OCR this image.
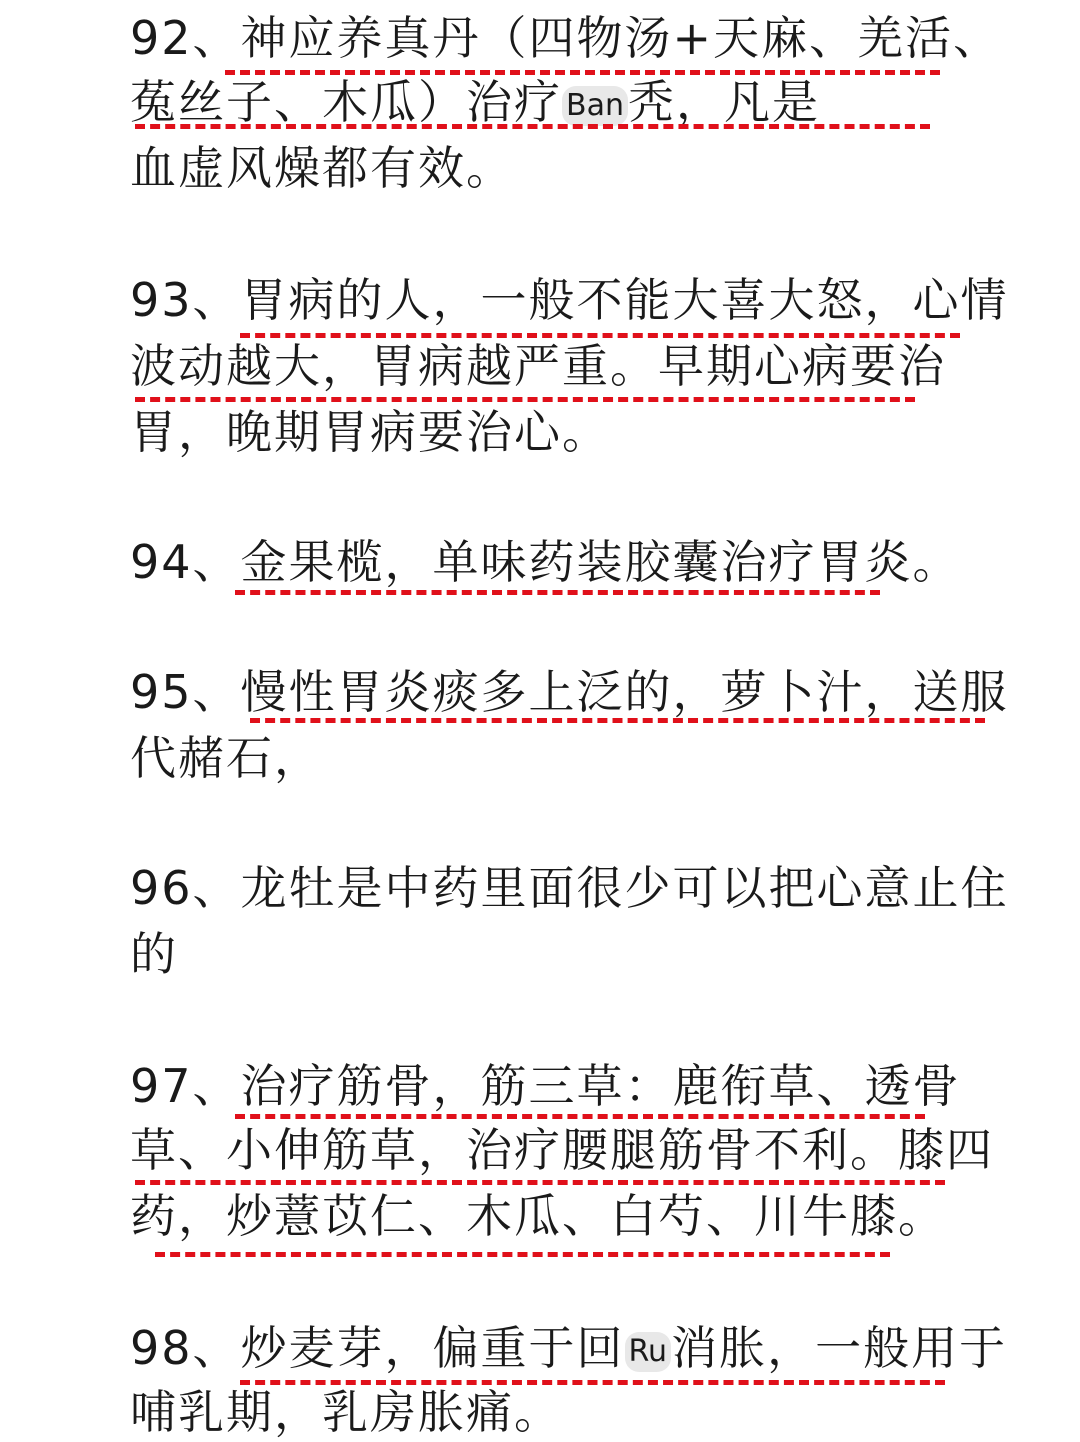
92、神应养真丹（四物汤+天麻、羌活、
菟丝子、木瓜）治疗 Ban秃，凡是
血虚风燥都有效。
93、胃病的人，一般不能大喜大怒，心情
波动越大，胃病越严重。早期心病要治
胃，晚期胃病要治心。
94、金果榄，单味药装胶囊治疗胃炎。
95、慢性胃炎痰多上泛的，萝卜汁，送服
代赭石，
96、龙牡是中药里面很少可以把心意止住
的
97、治疗筋骨，筋三草：鹿衔草、透骨
草、小伸筋草，治疗腰腿筋骨不利。膝四
药，炒薏苡仁、木瓜、白芍、川牛膝。
98、炒麦芽，偏重于回 Ru消胀，一般用于
哺乳期，乳房胀痛。
